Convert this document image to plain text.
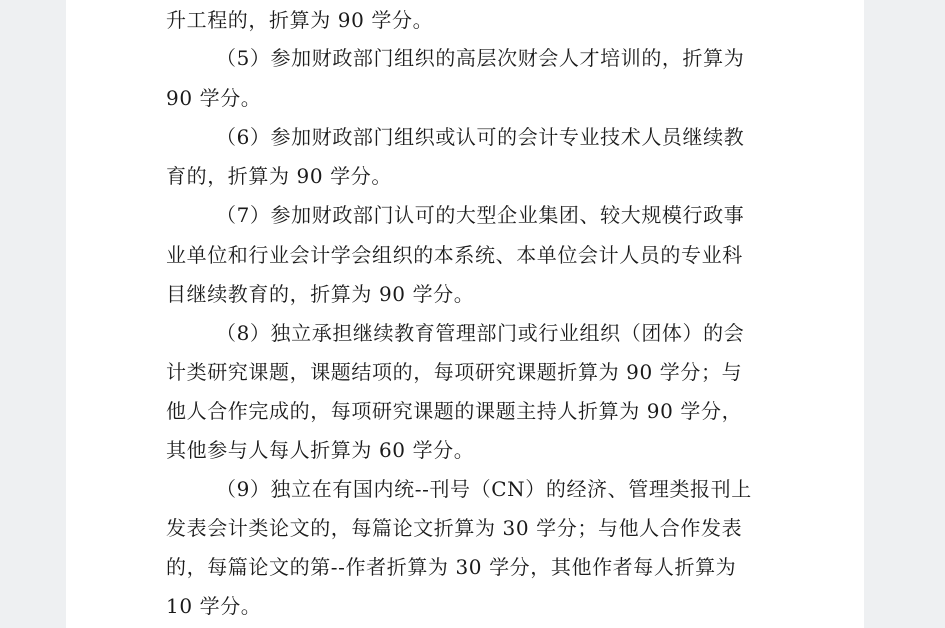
升工程的，折算为 90 学分。
（5）参加财政部门组织的高层次财会人才培训的，折算为
90 学分。
（6）参加财政部门组织或认可的会计专业技术人员继续教
育的，折算为 90 学分。
（7）参加财政部门认可的大型企业集团、较大规模行政事
业单位和行业会计学会组织的本系统、本单位会计人员的专业科
目继续教育的，折算为 90 学分。
（8）独立承担继续教育管理部门或行业组织（团体）的会
计类研究课题，课题结项的，每项研究课题折算为 90 学分；与
他人合作完成的，每项研究课题的课题主持人折算为 90 学分，
其他参与人每人折算为 60 学分。
（9）独立在有国内统--刊号（CN）的经济、管理类报刊上
发表会计类论文的，每篇论文折算为 30 学分；与他人合作发表
的，每篇论文的第--作者折算为 30 学分，其他作者每人折算为
10 学分。
